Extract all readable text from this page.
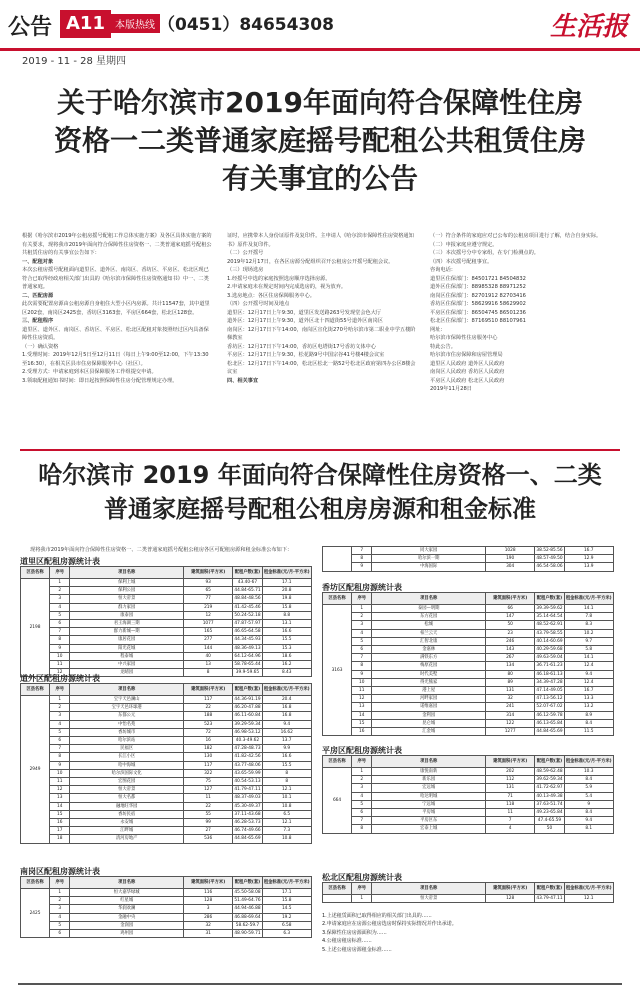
公告 A11	本版热线 （0451）84654308	生活报
2019 - 11 - 28 星期四
关于哈尔滨市2019年面向符合保障性住房
资格一二类普通家庭摇号配租公共租赁住房
有关事宜的公告
根据《哈尔滨市2019年公租房摇号配租工作总体实施方案》及各区具体实施方案的有关要求，现将我市2019年面向符合保障性住房资格一、二类普通家庭摇号配租公共租赁住房的有关事宜公告如下：
一、配租对象
本次公租房摇号配租面向道里区、道外区、南岗区、香坊区、平房区、松北区现已符合已取得经政府相关部门出具的《哈尔滨市保障性住房资格通知书》中一、二类普通家庭。
二、匹配房源
此次需要配置房源由公租房源自身租住大型小区内房源。共计11547套，其中道里区202套，南岗区2425套，香坊区3163套，平房区664套，松北区128套。
三、配租程序
道里区、道外区、南岗区、香坊区、平房区、松北区配租对象按照经过区内具备保障性住房资质。
（一）确认资格
1.受理时间：2019年12月5日至12月11日（每日上午9:00至12:00，下午13:30至16:30），在相关区县市住房保障服务中心（社区）。
2.受理方式：申请家庭到本区县保障服务工作组提交申请。
3.领取配租通知书时间：即日起按照保障性住房分配管理规定办理。
证时，应携带本人身份证原件及复印件。主申请人《哈尔滨市保障性住房资格通知书》原件及复印件。
（二）公开摇号
2019年12月17日，在各区房源分配组织召开公租房公开摇号配租会议。
（三）现场选房
1.经摇号中选的家庭按照选房顺序选择房源。
2.申请家庭未在规定时间内完成选房的，视为放弃。
3.选房地点：各区住房保障服务中心。
（四）公开摇号时间及地点
道里区：12月17日上午9:30，道里区发送路263号发现堂会色大厅
道外区：12月17日上午9:30，道外区北十四道街55号道外区南岗区
南岗区：12月17日下午14:00，南岗区宣化街270号哈尔滨市第二职业中学五楼阶梯教室
香坊区：12月17日下午14:00，香坊区电塔街17号香坊文体中心
平房区：12月17日上午9:30，松花路9号中国宗谷41号楼4楼会议室
松北区：12月17日下午14:00，松北区松北一路52号松北区政府第四办公区8楼会议室
四、相关事宜
（一）符合条件的家庭应对已公布的公租房项目进行了解，结合自身实际。
（二）申报家庭应遵守规定。
（三）本次摇号分中专家组，在专门检测点的。
（四）本次摇号配租事宜。
咨询电话：
道里区住保部门：84501721 84504832
道外区住保部门：88985328 88971252
南岗区住保部门：82701912 82703416
香坊区住保部门：58629916 58629902
平房区住保部门：86504745 86501236
松北区住保部门：87169510 88107961
网址：
哈尔滨市保障性住房服务中心
特此公告。
哈尔滨市住房保障和房屋管理局
道里区人民政府 道外区人民政府
南岗区人民政府 香坊区人民政府
平房区人民政府 松北区人民政府
2019年11月28日
哈尔滨市 2019 年面向符合保障性住房资格一、二类
普通家庭摇号配租公租房房源和租金标准
现将我市2019年面向符合保障性住房资格一、二类普通家庭摇号配租公租房各区可配租房源和租金标准公布如下：
道里区配租房源统计表
区县名称	序号	项目名称	建筑面积(平方米)	配租户数(套)	租金标准(元/月·平方米)
2198	1	保利上城	93	43.40-67	17.1
	2	保利公园	65	44.84-65.71	20.8
	3	恒大帝景	77	48.84-48.56	19.8
	4	群力家园	219	41.42-45.46	15.8
	5	康泰园	12	50.24-52.18	8.8
	6	君王海湖三期	1077	47.87-57.97	13.1
	7	群力新城—期	165	46.65-64.58	16.6
	8	康居花园	277	44.34-45.93	15.5
	9	阳光花城	144	48.36-49.13	15.3
	10	程泰城	40	64.12-64.96	18.6
	11	中兴家园	13	58.78-65.44	16.2
	12	龙晴园	8	39.9-59.65	8.43
道外区配租房源统计表
区县名称	序号	项目名称	建筑面积(平方米)	配租户数(套)	租金标准(元/月·平方米)
2949	1	宝宇天邑澜山	117	44.36-91.19	20.4
	2	宝宇天邑环球港	22	46.20-47.88	16.8
	3	东都公元	188	46.11-60.84	16.8
	4	中怡名苑	523	39.29-59.34	9.4
	5	香坊城市	72	46.98-53.12	16.62
	6	哈尔滨站	16	40.3-49.62	13.7
	7	民福区	182	47.28-48.73	9.9
	8	长江小区	130	41.82-42.56	16.6
	9	哈中海城	117	43.77-48.06	15.5
	10	哈尔滨国际文化	322	43.65-59.99	8
	11	宏图花园	75	40.54-53.13	8
	12	恒大帝景	127	41.79-47.11	12.1
	13	恒大名都	11	48.37-49.03	10.1
	14	融地旺华园	22	45.30-49.37	10.8
	15	香坊民宿	55	37.11-43.68	6.5
	16	永安城	99	46.28-53.73	12.1
	17	江畔城	27	46.74-49.66	7.3
	18	清河房地产	536	44.84-65.69	10.8
南岗区配租房源统计表
区县名称	序号	项目名称	建筑面积(平方米)	配租户数(套)	租金标准(元/月·平方米)
2425	1	恒大嘉华绿城	116	45.50-58.08	17.1
	2	红星城	128	51.49-64.76	15.8
	3	华润欢澜	3	44.94-46.88	14.5
	4	金融中央	286	46.88-69.64	19.2
	5	金润园	32	58.62-59.7	6.58
	6	鸡州园	31	48.90-59.71	6.3
	7	同大家园	1028	38.52-85.56	16.7
	8	哈尔滨一期	190	48.57-49.50	12.9
	9	中海国际	304	46.54-58.06	13.9
香坊区配租房源统计表
区县名称	序号	项目名称	建筑面积(平方米)	配租户数(套)	租金标准(元/月·平方米)
3163	1	泰园—明期	66	39.39-59.62	14.1
	2	东方花园	147	35.14-64.54	7.8
	3	松城	50	48.52-62.91	8.3
	4	柏兰云天	23	43.79-58.55	10.2
	5	汇智北康	246	40.14-60.69	9.7
	6	金嘉林	143	40.29-59.68	5.8
	7	满铁东方	267	49.63-59.04	14.1
	8	梅原花园	134	36.71-61.23	12.4
	9	时代美墅	80	46.18-61.13	9.4
	10	得光熊家	89	34.39-47.28	12.4
	11	港上屋	131	47.14-49.05	16.7
	12	河畔家园	32	47.13-56.12	13.3
	13	诺维嘉园	241	52.07-67.02	13.2
	14	金利园	314	46.12-59.78	8.9
	15	昆仑城	122	46.13-65.84	8.4
	16	汇金城	1277	44.84-65.69	11.5
平房区配租房源统计表
区县名称	序号	项目名称	建筑面积(平方米)	配租户数(套)	租金标准(元/月·平方米)
664	1	康悦南新	202	48.59-62.48	10.3
	2	新乐园	112	39.62-59.34	8.4
	3	宏远城	131	41.72-62.97	5.9
	4	哈达明城	71	40.13-49.38	5.4
	5	宁远城	118	37.63-51.74	9
	6	平房城	11	49.23-65.84	8.4
	7	平房区东	7	47.4-65.59	9.4
	8	宏泰上城	4	50	8.1
松北区配租房源统计表
区县名称	序号	项目名称	建筑面积(平方米)	配租户数(套)	租金标准(元/月·平方米)
	1	恒大帝景	128	43.79-47.11	12.1
1.上述租赁面积已取得相应的相关部门出具的……
2.申请家庭应在房源公租房选房时保持实际情况并作出承诺。
3.保障性住房房源面积为……
4.公租房租房标准……
5.上述公租房房源租金标准……
